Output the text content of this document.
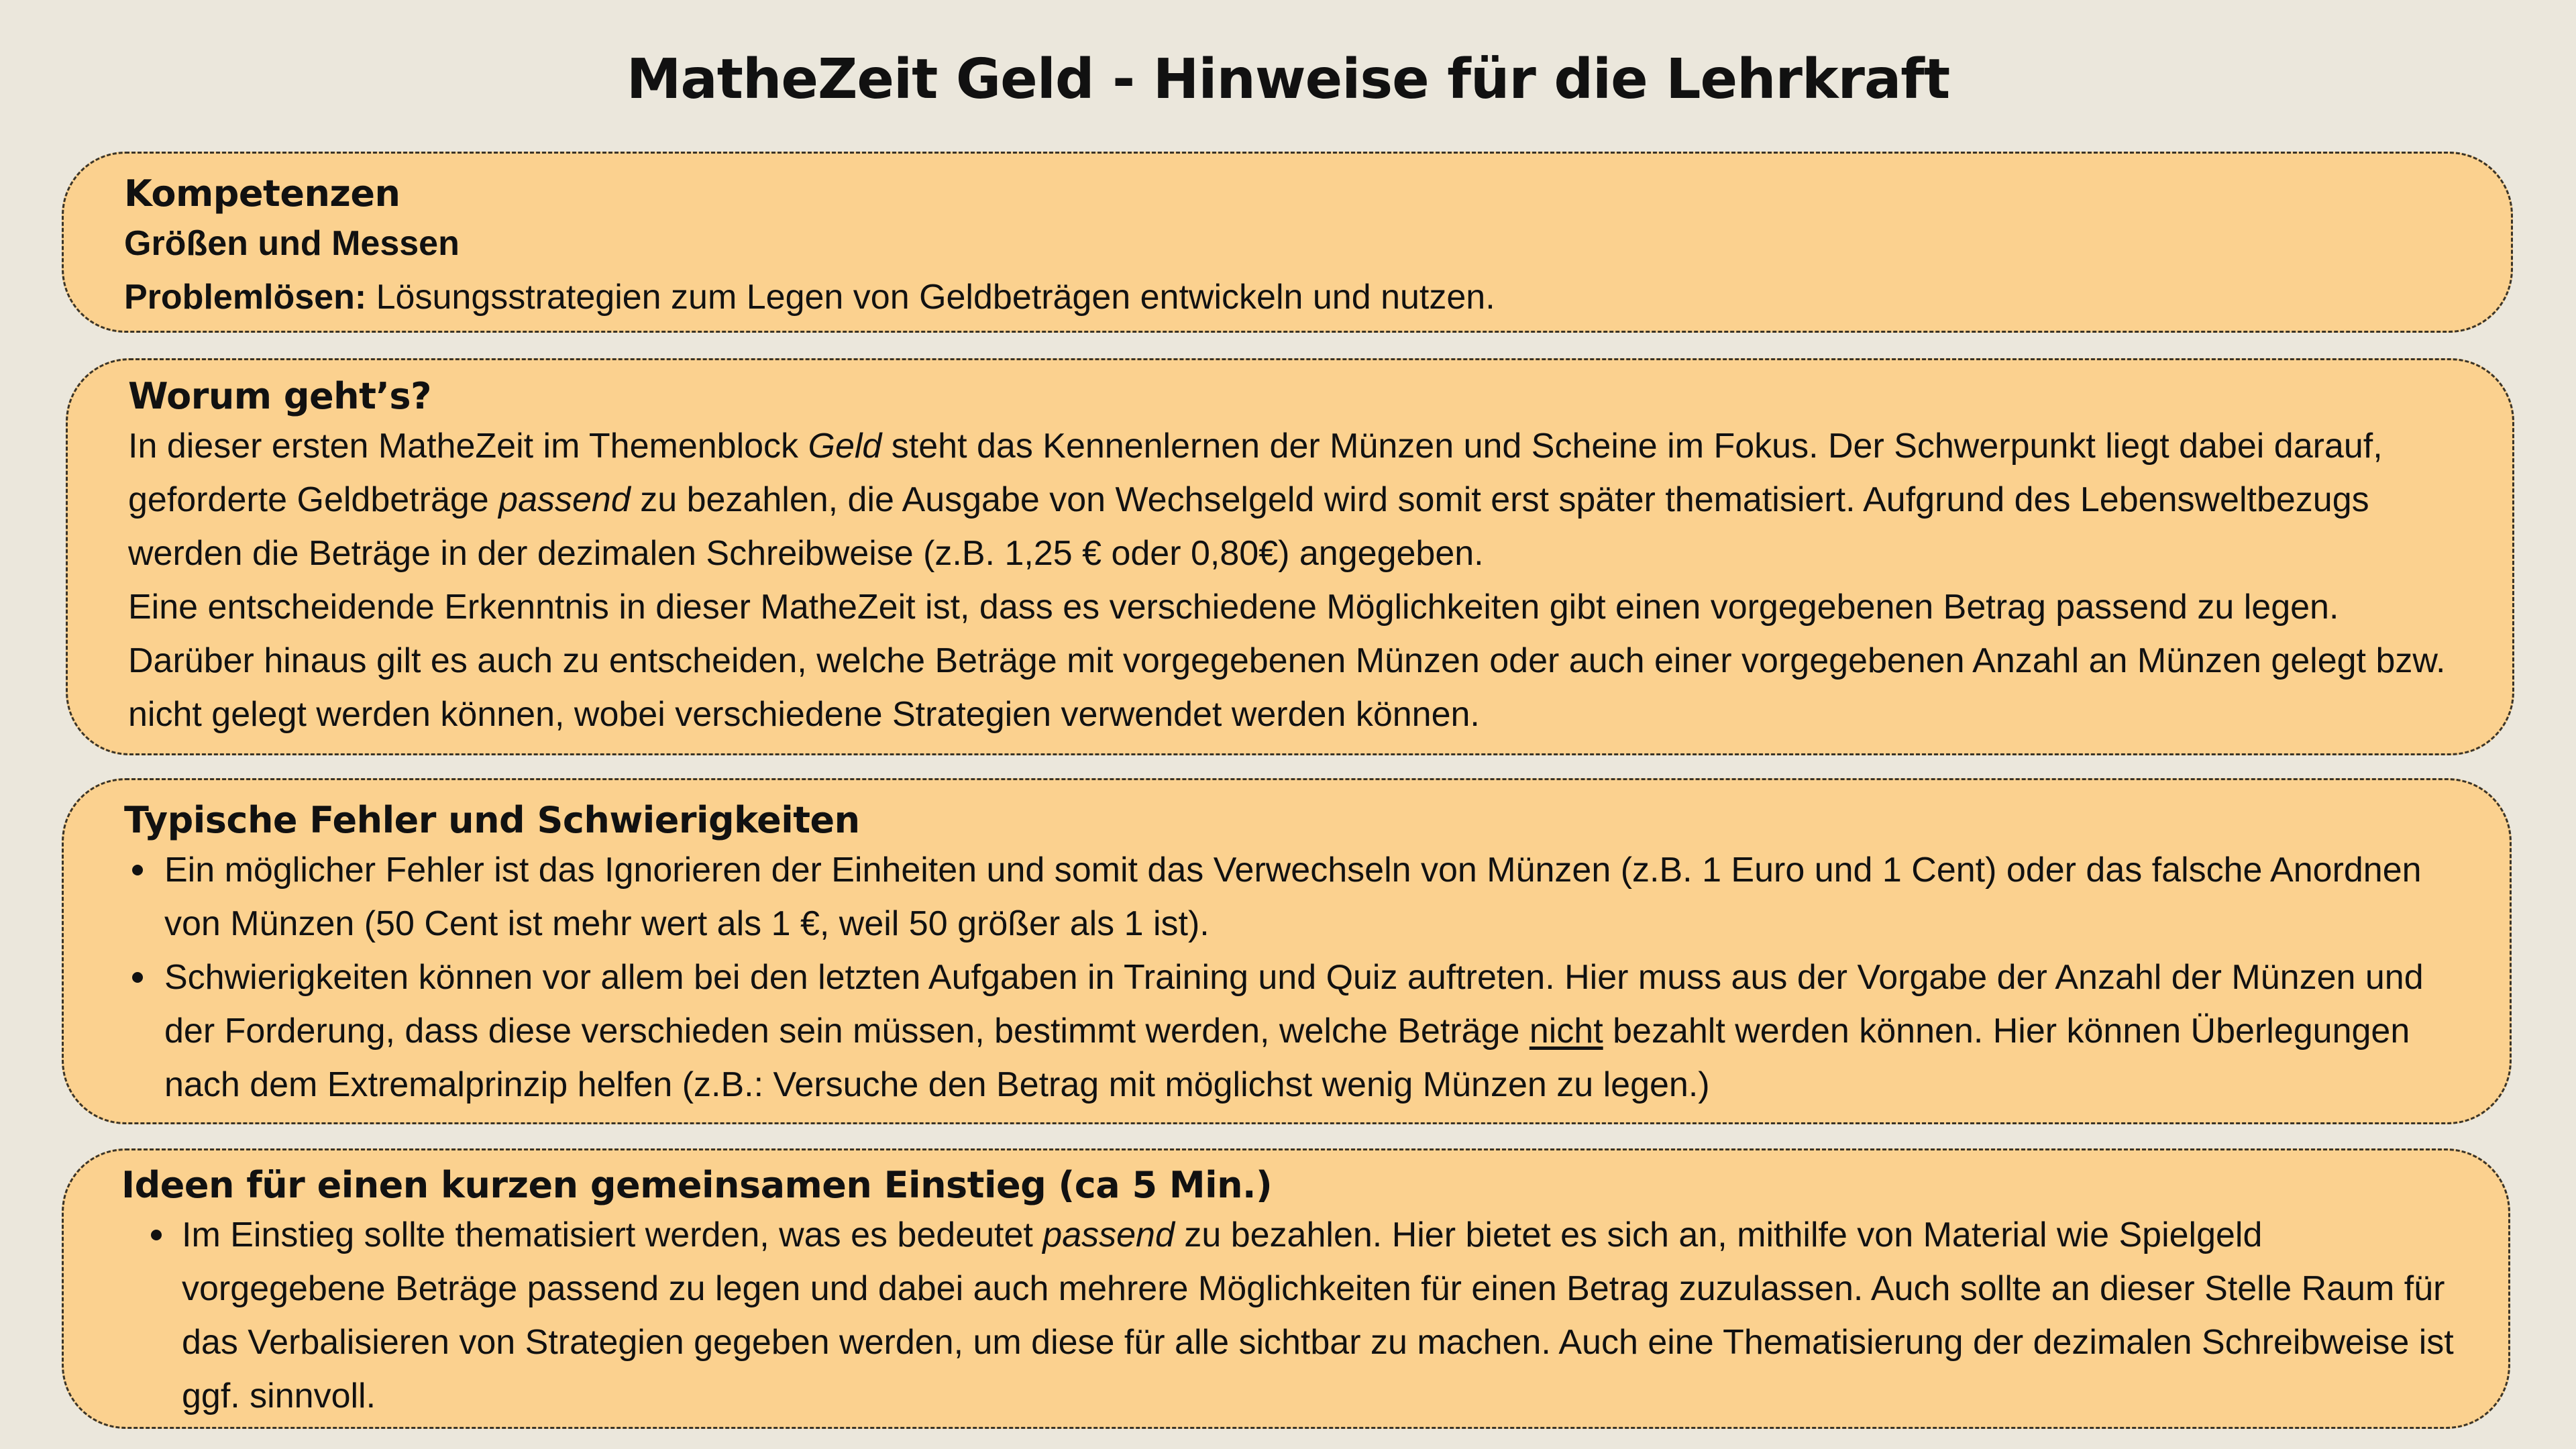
MatheZeit Geld - Hinweise für die Lehrkraft

Kompetenzen

Größen und Messen

Problemlösen: Lösungsstrategien zum Legen von Geldbeträgen entwickeln und nutzen.

Worum geht’s?

In dieser ersten MatheZeit im Themenblock Geld steht das Kennenlernen der Münzen und Scheine im Fokus. Der Schwerpunkt liegt dabei darauf, geforderte Geldbeträge passend zu bezahlen, die Ausgabe von Wechselgeld wird somit erst später thematisiert. Aufgrund des Lebensweltbezugs werden die Beträge in der dezimalen Schreibweise (z.B. 1,25 € oder 0,80€) angegeben.

Eine entscheidende Erkenntnis in dieser MatheZeit ist, dass es verschiedene Möglichkeiten gibt einen vorgegebenen Betrag passend zu legen. Darüber hinaus gilt es auch zu entscheiden, welche Beträge mit vorgegebenen Münzen oder auch einer vorgegebenen Anzahl an Münzen gelegt bzw. nicht gelegt werden können, wobei verschiedene Strategien verwendet werden können.

Typische Fehler und Schwierigkeiten

Ein möglicher Fehler ist das Ignorieren der Einheiten und somit das Verwechseln von Münzen (z.B. 1 Euro und 1 Cent) oder das falsche Anordnen von Münzen (50 Cent ist mehr wert als 1 €, weil 50 größer als 1 ist).
Schwierigkeiten können vor allem bei den letzten Aufgaben in Training und Quiz auftreten. Hier muss aus der Vorgabe der Anzahl der Münzen und der Forderung, dass diese verschieden sein müssen, bestimmt werden, welche Beträge nicht bezahlt werden können. Hier können Überlegungen nach dem Extremalprinzip helfen (z.B.: Versuche den Betrag mit möglichst wenig Münzen zu legen.)

Ideen für einen kurzen gemeinsamen Einstieg (ca 5 Min.)

Im Einstieg sollte thematisiert werden, was es bedeutet passend zu bezahlen. Hier bietet es sich an, mithilfe von Material wie Spielgeld vorgegebene Beträge passend zu legen und dabei auch mehrere Möglichkeiten für einen Betrag zuzulassen. Auch sollte an dieser Stelle Raum für das Verbalisieren von Strategien gegeben werden, um diese für alle sichtbar zu machen. Auch eine Thematisierung der dezimalen Schreibweise ist ggf. sinnvoll.
